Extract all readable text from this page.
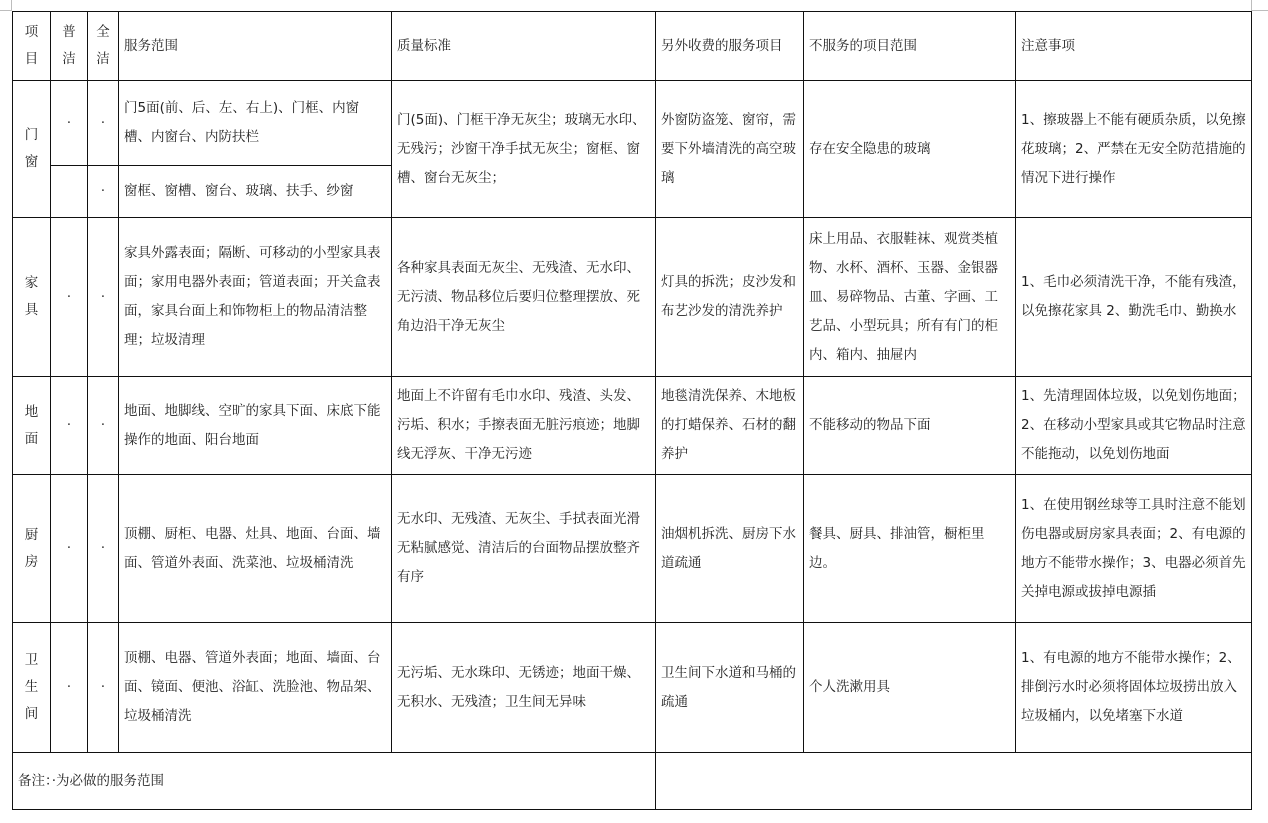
项目	普洁	全洁	服务范围	质量标准	另外收费的服务项目	不服务的项目范围	注意事项

门窗	·	·	门5面(前、后、左、右上)、门框、内窗槽、内窗台、内防扶栏	门(5面)、门框干净无灰尘；玻璃无水印、无残污；沙窗干净手拭无灰尘；窗框、窗槽、窗台无灰尘；	外窗防盗笼、窗帘，需要下外墙清洗的高空玻璃	存在安全隐患的玻璃	1、擦玻器上不能有硬质杂质，以免擦花玻璃；2、严禁在无安全防范措施的情况下进行操作

		·	窗框、窗槽、窗台、玻璃、扶手、纱窗				

家具	·	·	家具外露表面；隔断、可移动的小型家具表面；家用电器外表面；管道表面；开关盒表面，家具台面上和饰物柜上的物品清洁整理；垃圾清理	各种家具表面无灰尘、无残渣、无水印、无污渍、物品移位后要归位整理摆放、死角边沿干净无灰尘	灯具的拆洗；皮沙发和布艺沙发的清洗养护	床上用品、衣服鞋袜、观赏类植物、水杯、酒杯、玉器、金银器皿、易碎物品、古董、字画、工艺品、小型玩具；所有有门的柜内、箱内、抽屉内	1、毛巾必须清洗干净，不能有残渣，以免擦花家具 2、勤洗毛巾、勤换水

地面	·	·	地面、地脚线、空旷的家具下面、床底下能操作的地面、阳台地面	地面上不许留有毛巾水印、残渣、头发、污垢、积水；手擦表面无脏污痕迹；地脚线无浮灰、干净无污迹	地毯清洗保养、木地板的打蜡保养、石材的翻养护	不能移动的物品下面	1、先清理固体垃圾，以免划伤地面；2、在移动小型家具或其它物品时注意不能拖动，以免划伤地面

厨房	·	·	顶棚、厨柜、电器、灶具、地面、台面、墙面、管道外表面、洗菜池、垃圾桶清洗	无水印、无残渣、无灰尘、手拭表面光滑无粘腻感觉、清洁后的台面物品摆放整齐有序	油烟机拆洗、厨房下水道疏通	餐具、厨具、排油管，橱柜里边。	1、在使用钢丝球等工具时注意不能划伤电器或厨房家具表面；2、有电源的地方不能带水操作；3、电器必须首先关掉电源或拔掉电源插

卫生间	·	·	顶棚、电器、管道外表面；地面、墙面、台面、镜面、便池、浴缸、洗脸池、物品架、垃圾桶清洗	无污垢、无水珠印、无锈迹；地面干燥、无积水、无残渣；卫生间无异味	卫生间下水道和马桶的疏通	个人洗漱用具	1、有电源的地方不能带水操作；2、排倒污水时必须将固体垃圾捞出放入垃圾桶内，以免堵塞下水道

备注：·为必做的服务范围							
